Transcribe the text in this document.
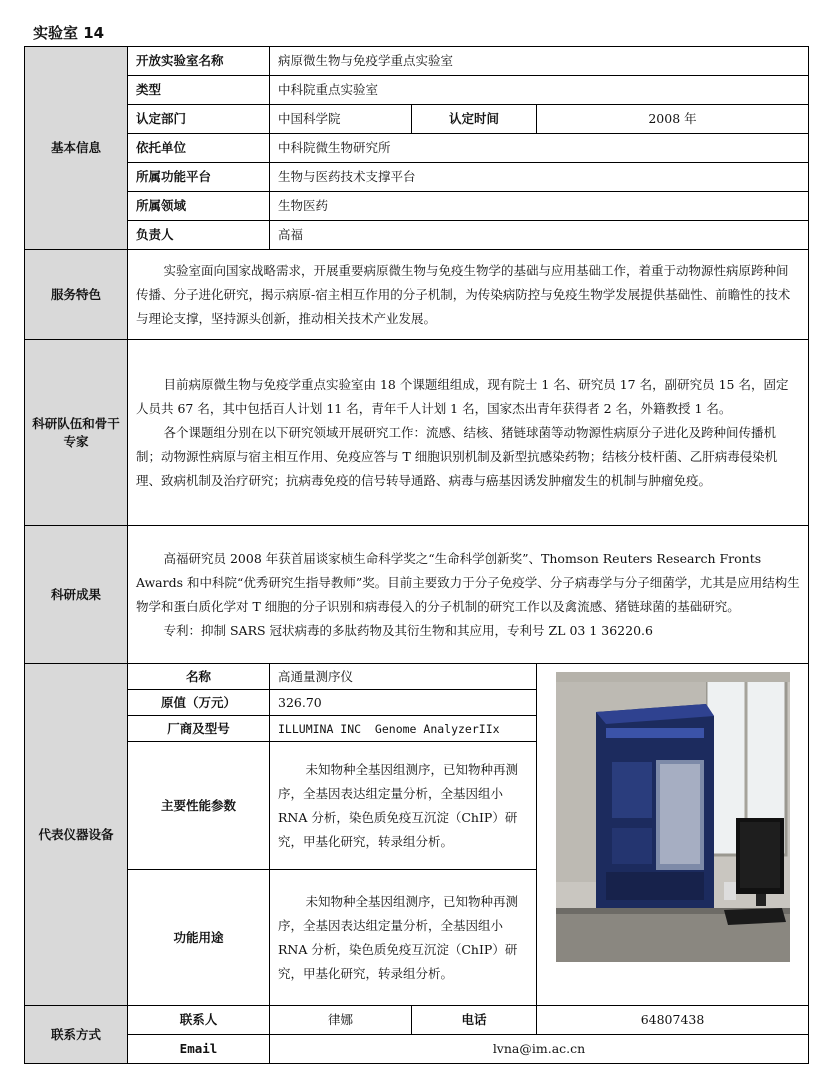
实验室 14
基本信息	开放实验室名称	病原微生物与免疫学重点实验室		
	类型	中科院重点实验室		
	认定部门	中国科学院	认定时间	2008 年
	依托单位	中科院微生物研究所		
	所属功能平台	生物与医药技术支撑平台		
	所属领域	生物医药		
	负责人	高福		
服务特色	实验室面向国家战略需求，开展重要病原微生物与免疫生物学的基础与应用基础工作，着重于动物源性病原跨种间传播、分子进化研究，揭示病原-宿主相互作用的分子机制，为传染病防控与免疫生物学发展提供基础性、前瞻性的技术与理论支撑，坚持源头创新，推动相关技术产业发展。			

科研队伍和骨干专家	目前病原微生物与免疫学重点实验室由 18 个课题组组成，现有院士 1 名、研究员 17 名，副研究员 15 名，固定人员共 67 名，其中包括百人计划 11 名，青年千人计划 1 名，国家杰出青年获得者 2 名，外籍教授 1 名。

各个课题组分别在以下研究领域开展研究工作：流感、结核、猪链球菌等动物源性病原分子进化及跨种间传播机制；动物源性病原与宿主相互作用、免疫应答与 T 细胞识别机制及新型抗感染药物；结核分枝杆菌、乙肝病毒侵染机理、致病机制及治疗研究；抗病毒免疫的信号转导通路、病毒与癌基因诱发肿瘤发生的机制与肿瘤免疫。			

科研成果	高福研究员 2008 年获首届谈家桢生命科学奖之“生命科学创新奖”、Thomson Reuters Research Fronts Awards 和中科院“优秀研究生指导教师”奖。目前主要致力于分子免疫学、分子病毒学与分子细菌学，尤其是应用结构生物学和蛋白质化学对 T 细胞的分子识别和病毒侵入的分子机制的研究工作以及禽流感、猪链球菌的基础研究。

专利：抑制 SARS 冠状病毒的多肽药物及其衍生物和其应用，专利号 ZL 03 1 36220.6			

代表仪器设备	名称	高通量测序仪	

	原值（万元）	326.70		
	厂商及型号	ILLUMINA INC  Genome AnalyzerIIx		
	主要性能参数	未知物种全基因组测序，已知物种再测序，全基因表达组定量分析，全基因组小 RNA 分析，染色质免疫互沉淀（ChIP）研究，甲基化研究，转录组分析。		

	功能用途	未知物种全基因组测序，已知物种再测序，全基因表达组定量分析，全基因组小 RNA 分析，染色质免疫互沉淀（ChIP）研究，甲基化研究，转录组分析。		

联系方式	联系人	律娜	电话	64807438
	Email	lvna@im.ac.cn		
